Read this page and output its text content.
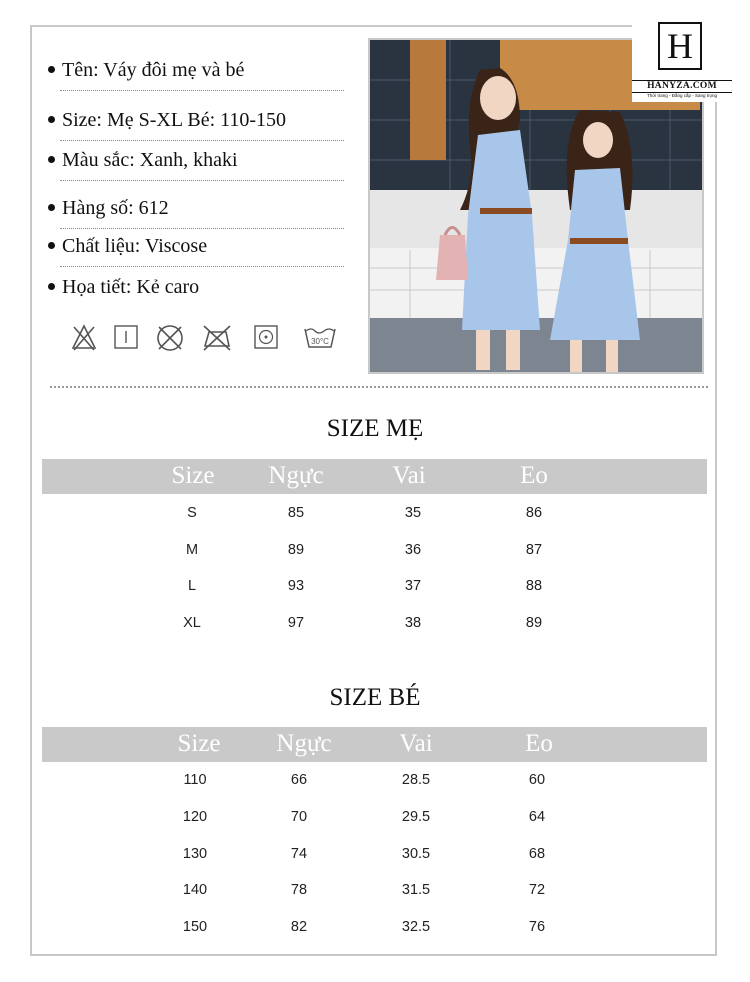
Tên: Váy đôi mẹ và bé
Size: Mẹ S-XL Bé: 110-150
Màu sắc: Xanh, khaki
Hàng số: 612
Chất liệu: Viscose
Họa tiết: Kẻ caro
30°C
H
HANYZA.COM
Thời trang - Đẳng cấp - Sang trọng
SIZE MẸ
Size Ngực	Vai	Eo
S	85	35	86
M	89	36	87
L	93	37	88
XL	97	38	89
SIZE BÉ
Size Ngực	Vai	Eo
110	66	28.5	60
120	70	29.5	64
130	74	30.5	68
140	78	31.5	72
150	82	32.5	76
